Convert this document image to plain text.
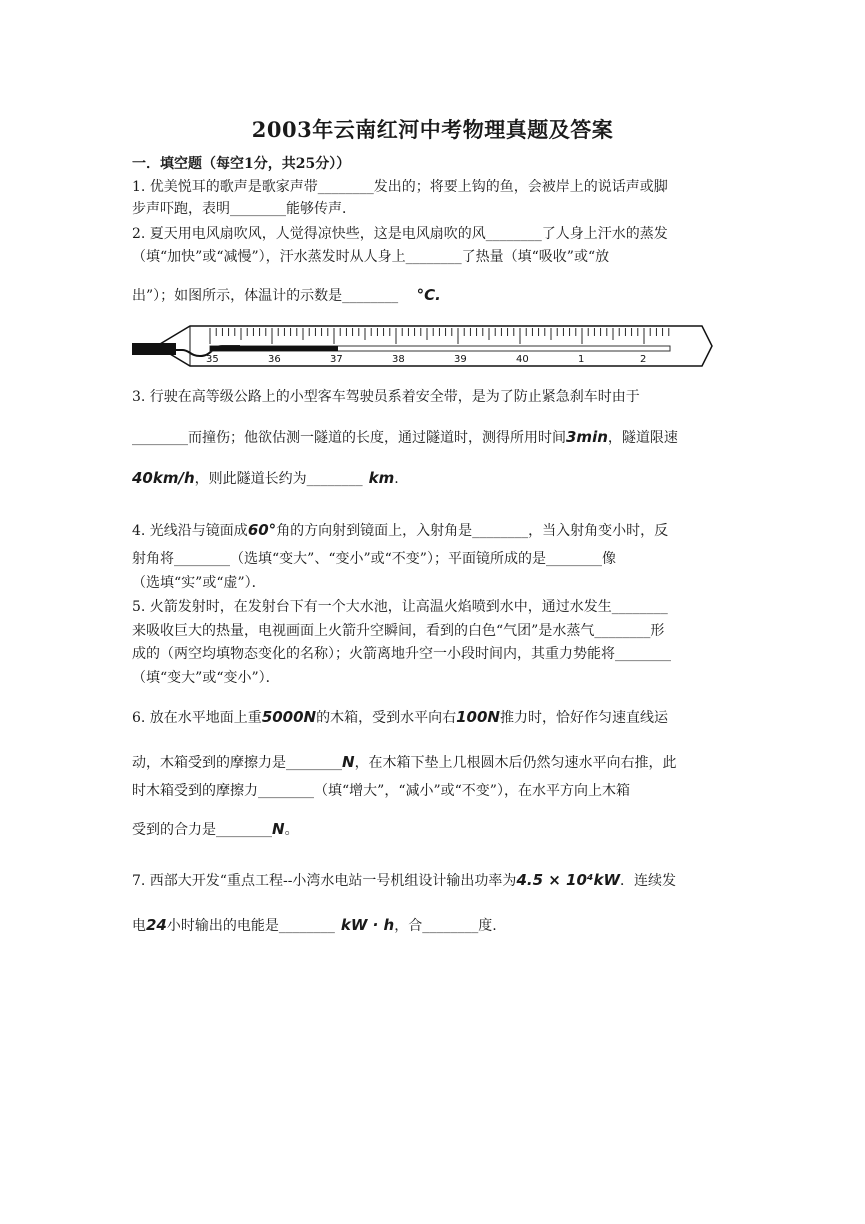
2003年云南红河中考物理真题及答案
一．填空题（每空1分，共25分））
1. 优美悦耳的歌声是歌家声带________发出的；将要上钩的鱼，会被岸上的说话声或脚
步声吓跑，表明________能够传声．
2. 夏天用电风扇吹风，人觉得凉快些，这是电风扇吹的风________了人身上汗水的蒸发
（填“加快”或“减慢”），汗水蒸发时从人身上________了热量（填“吸收”或“放
出”）；如图所示，体温计的示数是________ °C.
35	36	37	38	39	40	1	2
3. 行驶在高等级公路上的小型客车驾驶员系着安全带，是为了防止紧急刹车时由于
________而撞伤；他欲估测一隧道的长度，通过隧道时，测得所用时间3min，隧道限速
40km/h，则此隧道长约为________ km.
4. 光线沿与镜面成60°角的方向射到镜面上，入射角是________，当入射角变小时，反
射角将________（选填“变大”、“变小”或“不变”）；平面镜所成的是________像
（选填“实”或“虚”）．
5. 火箭发射时，在发射台下有一个大水池，让高温火焰喷到水中，通过水发生________
来吸收巨大的热量，电视画面上火箭升空瞬间，看到的白色“气团”是水蒸气________形
成的（两空均填物态变化的名称）；火箭离地升空一小段时间内，其重力势能将________
（填“变大”或“变小”）．
6. 放在水平地面上重5000N的木箱，受到水平向右100N推力时，恰好作匀速直线运
动，木箱受到的摩擦力是________N，在木箱下垫上几根圆木后仍然匀速水平向右推，此
时木箱受到的摩擦力________（填“增大”，“减小”或“不变”），在水平方向上木箱
受到的合力是________N。
7. 西部大开发“重点工程--小湾水电站一号机组设计输出功率为4.5 × 10⁴kW．连续发
电24小时输出的电能是________ kW · h，合________度.
